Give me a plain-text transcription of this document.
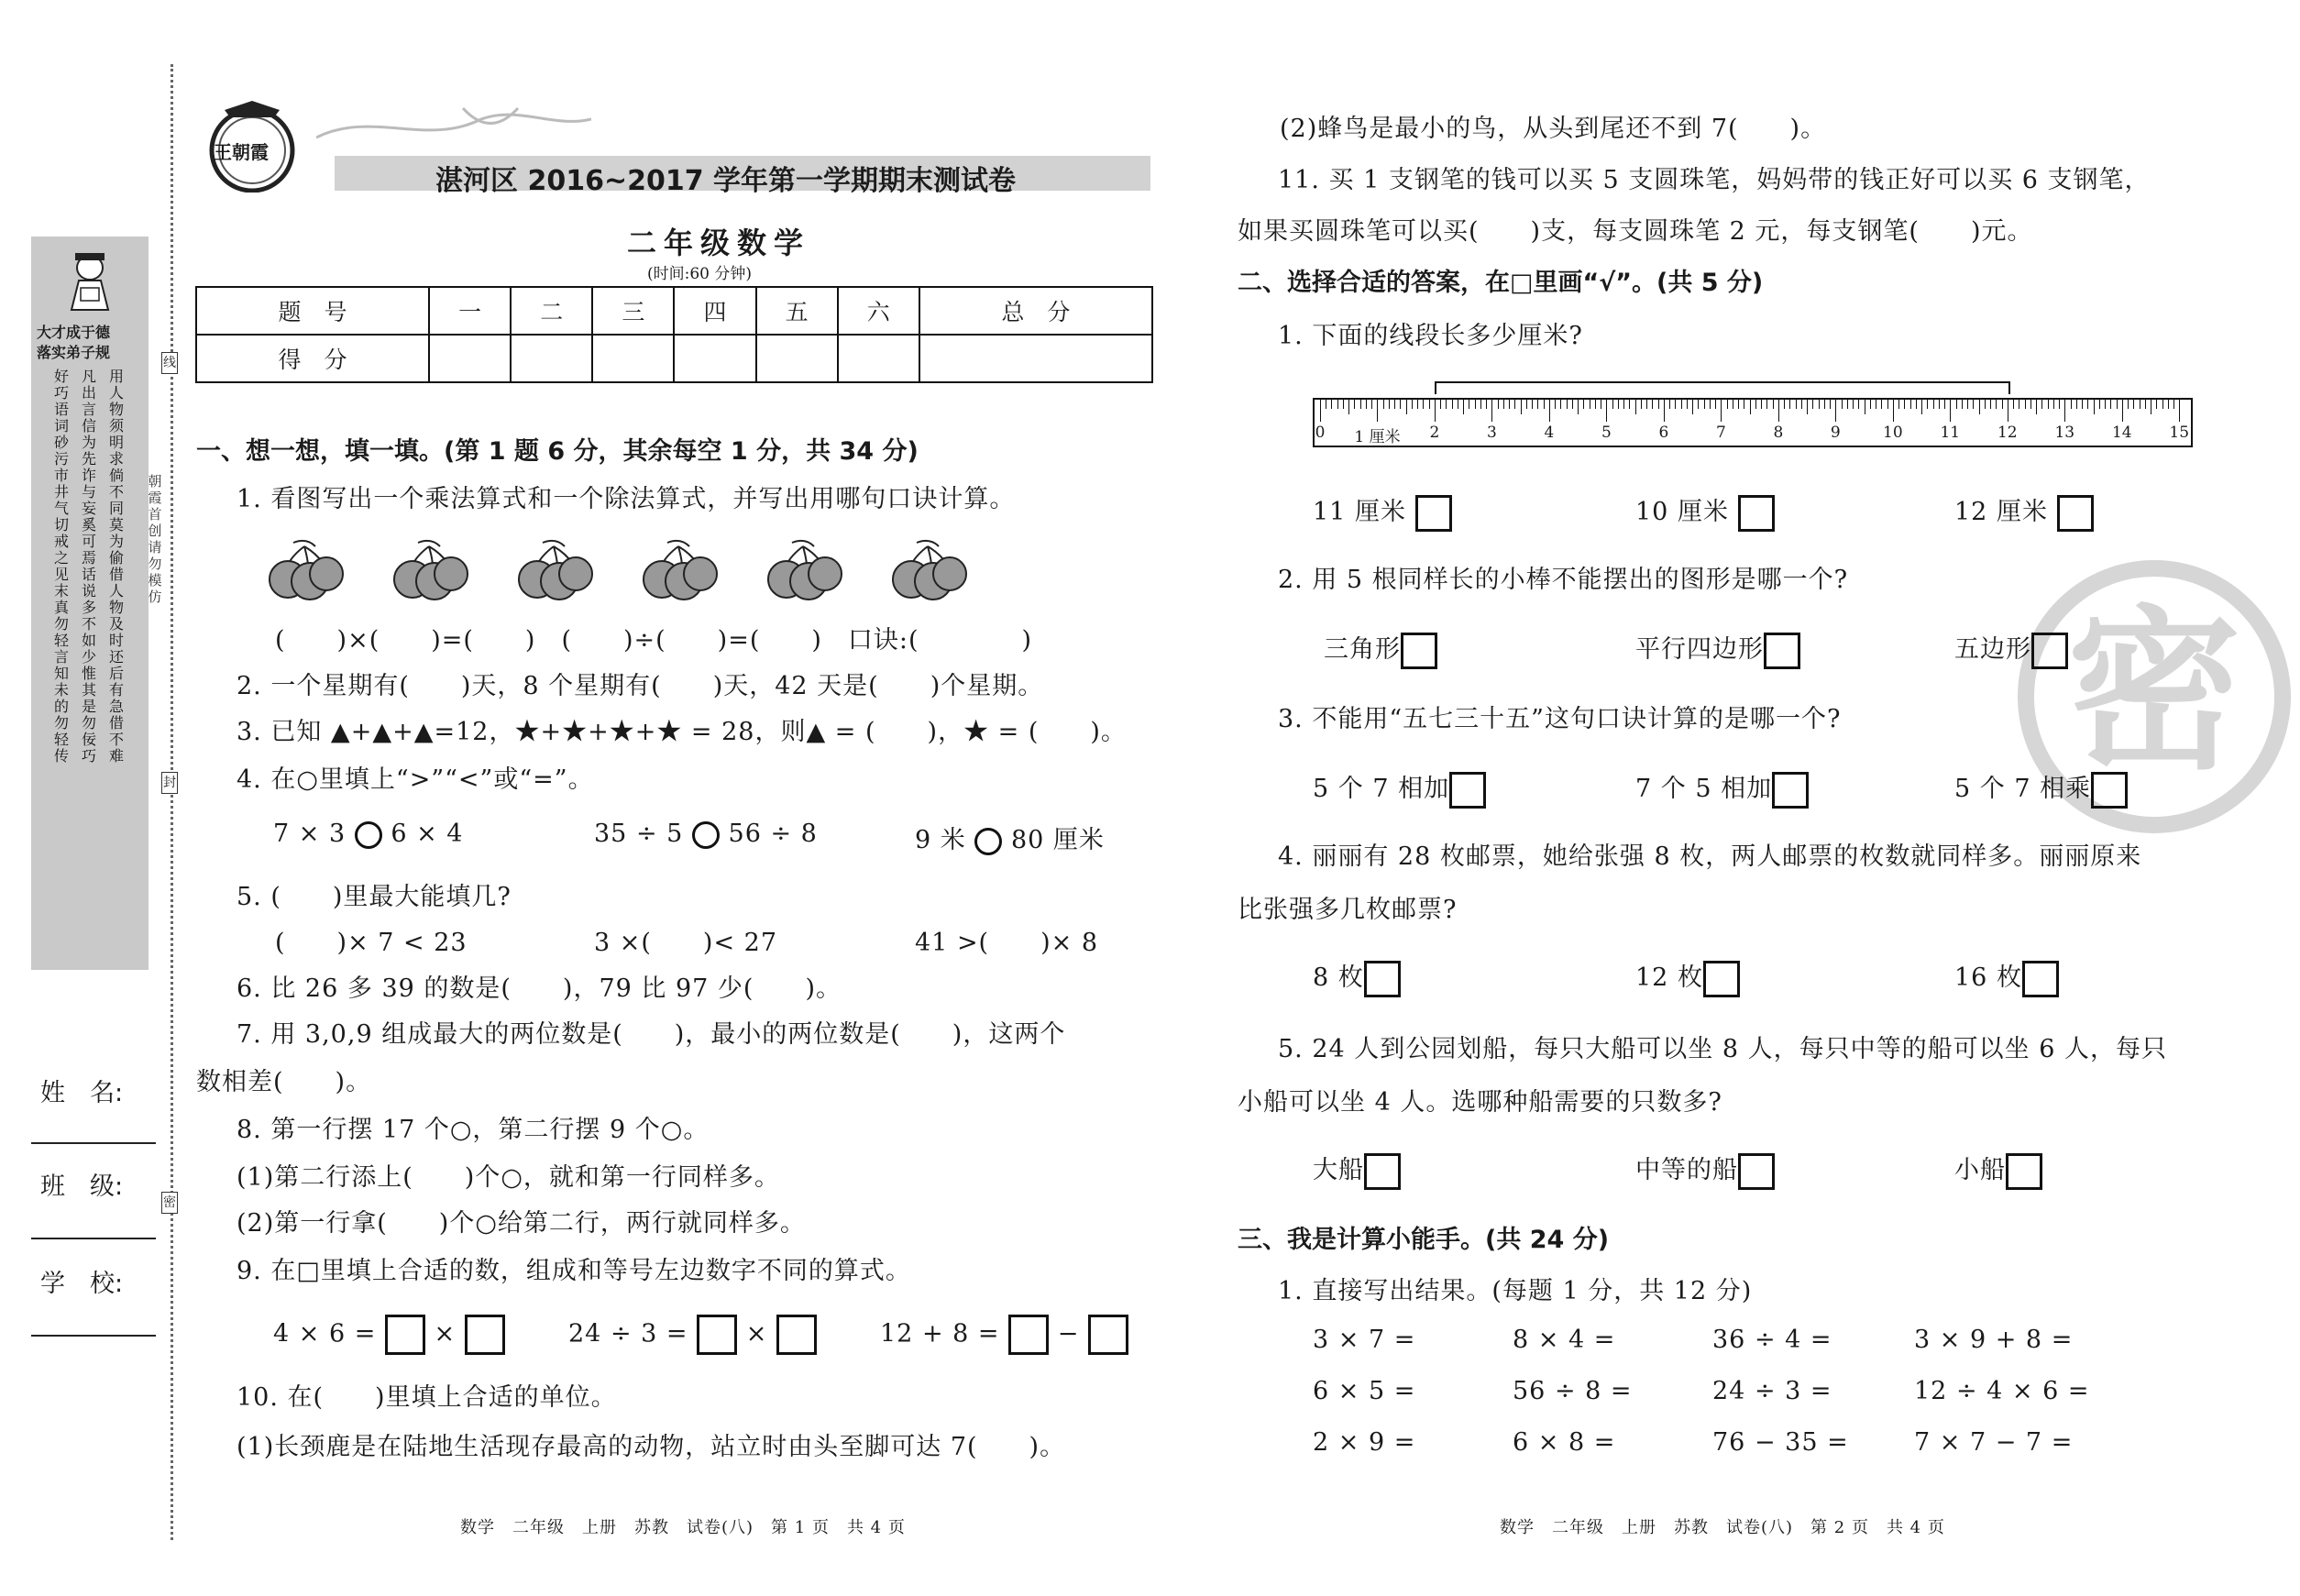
大才成于德
落实弟子规
好巧语词砂污市井气切戒之见末真勿轻言知未的勿轻传
凡出言信为先诈与妄奚可焉话说多不如少惟其是勿佞巧
用人物须明求倘不同莫为偷借人物及时还后有急借不难
姓　名:
班　级:
学　校:
线
封
密
朝霞首创 请勿模仿
王朝霞
湛河区 2016~2017 学年第一学期期末测试卷
二年级数学
(时间:60 分钟)
题　号	一	二	三	四	五	六	总　分
得　分							
一、想一想，填一填。(第 1 题 6 分，其余每空 1 分，共 34 分)
1. 看图写出一个乘法算式和一个除法算式，并写出用哪句口诀计算。
(　　)×(　　)=(　　)　(　　)÷(　　)=(　　)　口诀:(　　　　)
2. 一个星期有(　　)天，8 个星期有(　　)天，42 天是(　　)个星期。
3. 已知 ▲+▲+▲=12，★+★+★+★ = 28，则▲ = (　　)，★ = (　　)。
4. 在○里填上“>”“<”或“=”。
7 × 3 6 × 4	35 ÷ 5 56 ÷ 8	9 米 80 厘米
5. (　　)里最大能填几?
(　　)× 7 < 23	3 ×(　　)< 27	41 >(　　)× 8
6. 比 26 多 39 的数是(　　)，79 比 97 少(　　)。
7. 用 3,0,9 组成最大的两位数是(　　)，最小的两位数是(　　)，这两个
数相差(　　)。
8. 第一行摆 17 个○，第二行摆 9 个○。
(1)第二行添上(　　)个○，就和第一行同样多。
(2)第一行拿(　　)个○给第二行，两行就同样多。
9. 在□里填上合适的数，组成和等号左边数字不同的算式。
4 × 6 = ×	24 ÷ 3 = ×	12 + 8 = −
10. 在(　　)里填上合适的单位。
(1)长颈鹿是在陆地生活现存最高的动物，站立时由头至脚可达 7(　　)。
数学　二年级　上册　苏教　试卷(八)　第 1 页　共 4 页
密
(2)蜂鸟是最小的鸟，从头到尾还不到 7(　　)。
11. 买 1 支钢笔的钱可以买 5 支圆珠笔，妈妈带的钱正好可以买 6 支钢笔，
如果买圆珠笔可以买(　　)支，每支圆珠笔 2 元，每支钢笔(　　)元。
二、选择合适的答案，在□里画“√”。(共 5 分)
1. 下面的线段长多少厘米?
0 1 厘米 2	3	4	5	6	7	8	9	10 11 12 13 14 15
11 厘米	10 厘米	12 厘米
2. 用 5 根同样长的小棒不能摆出的图形是哪一个?
三角形	平行四边形	五边形
3. 不能用“五七三十五”这句口诀计算的是哪一个?
5 个 7 相加	7 个 5 相加	5 个 7 相乘
4. 丽丽有 28 枚邮票，她给张强 8 枚，两人邮票的枚数就同样多。丽丽原来
比张强多几枚邮票?
8 枚	12 枚	16 枚
5. 24 人到公园划船，每只大船可以坐 8 人，每只中等的船可以坐 6 人，每只
小船可以坐 4 人。选哪种船需要的只数多?
大船	中等的船	小船
三、我是计算小能手。(共 24 分)
1. 直接写出结果。(每题 1 分，共 12 分)
3 × 7 =	8 × 4 =	36 ÷ 4 =	3 × 9 + 8 =
6 × 5 =	56 ÷ 8 =	24 ÷ 3 =	12 ÷ 4 × 6 =
2 × 9 =	6 × 8 =	76 − 35 =	7 × 7 − 7 =
数学　二年级　上册　苏教　试卷(八)　第 2 页　共 4 页
